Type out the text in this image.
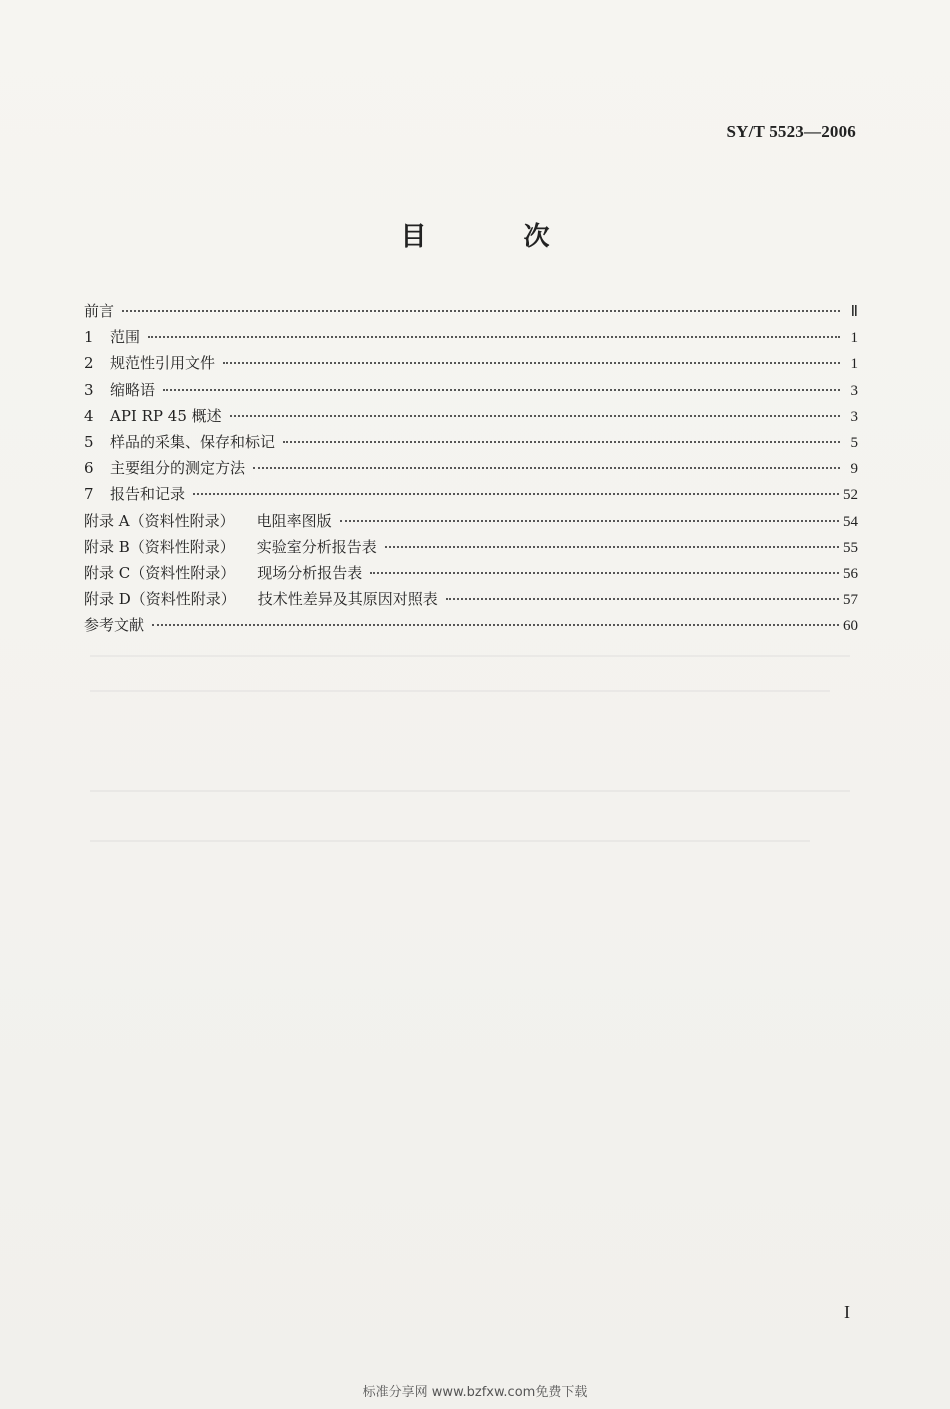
SY/T 5523—2006
目 次
前言	Ⅱ
1 范围	1
2 规范性引用文件	1
3 缩略语	3
4 API RP 45 概述	3
5 样品的采集、保存和标记	5
6 主要组分的测定方法	9
7 报告和记录	52
附录 A（资料性附录） 电阻率图版	54
附录 B（资料性附录） 实验室分析报告表	55
附录 C（资料性附录） 现场分析报告表	56
附录 D（资料性附录） 技术性差异及其原因对照表	57
参考文献	60
I
标准分享网 www.bzfxw.com免费下载
